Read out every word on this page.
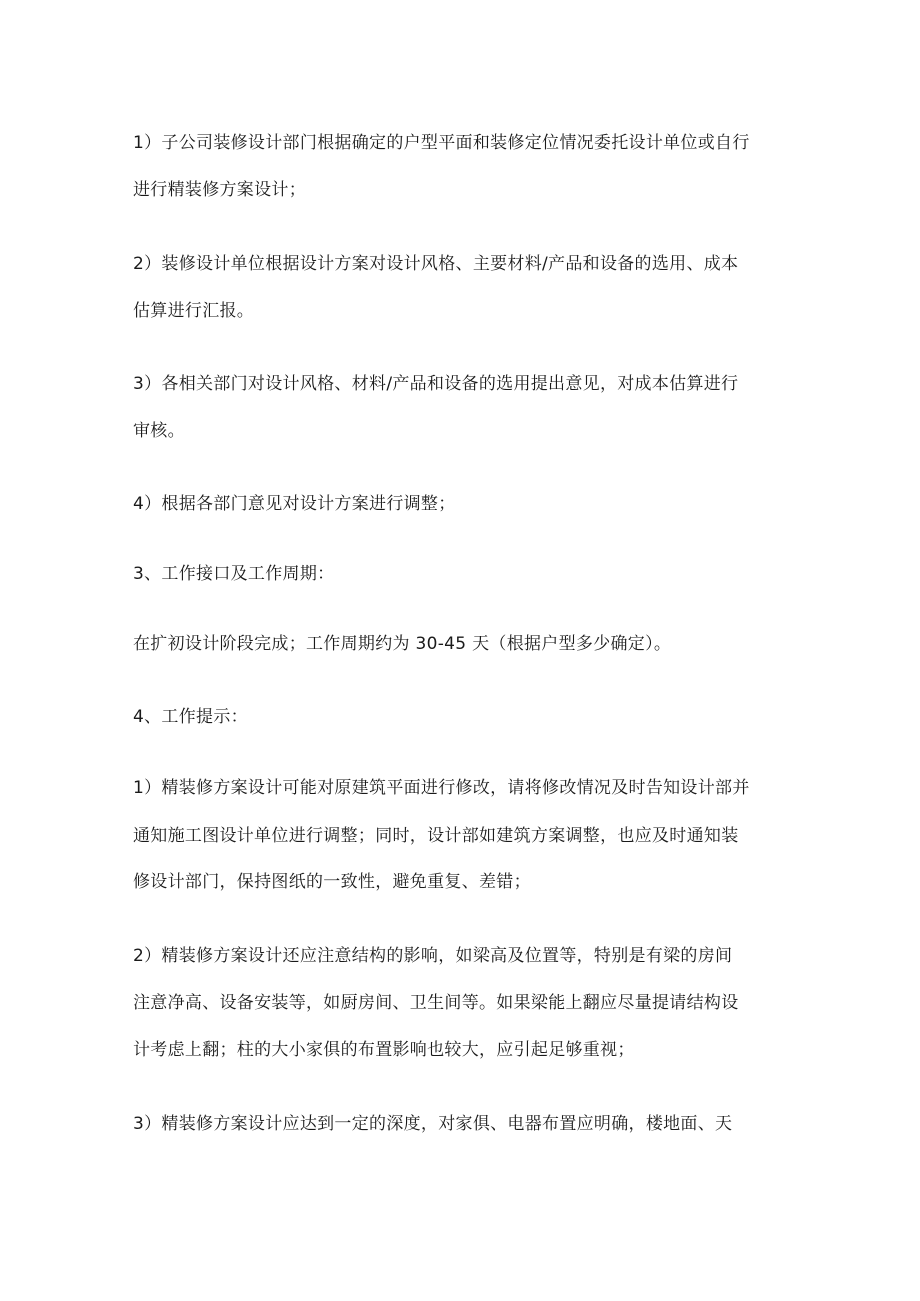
1）子公司装修设计部门根据确定的户型平面和装修定位情况委托设计单位或自行
进行精装修方案设计；
2）装修设计单位根据设计方案对设计风格、主要材料/产品和设备的选用、成本
估算进行汇报。
3）各相关部门对设计风格、材料/产品和设备的选用提出意见，对成本估算进行
审核。
4）根据各部门意见对设计方案进行调整；
3、工作接口及工作周期：
在扩初设计阶段完成；工作周期约为 30-45 天（根据户型多少确定）。
4、工作提示：
1）精装修方案设计可能对原建筑平面进行修改，请将修改情况及时告知设计部并
通知施工图设计单位进行调整；同时，设计部如建筑方案调整，也应及时通知装
修设计部门，保持图纸的一致性，避免重复、差错；
2）精装修方案设计还应注意结构的影响，如梁高及位置等，特别是有梁的房间
注意净高、设备安装等，如厨房间、卫生间等。如果梁能上翻应尽量提请结构设
计考虑上翻；柱的大小家俱的布置影响也较大，应引起足够重视；
3）精装修方案设计应达到一定的深度，对家俱、电器布置应明确，楼地面、天
